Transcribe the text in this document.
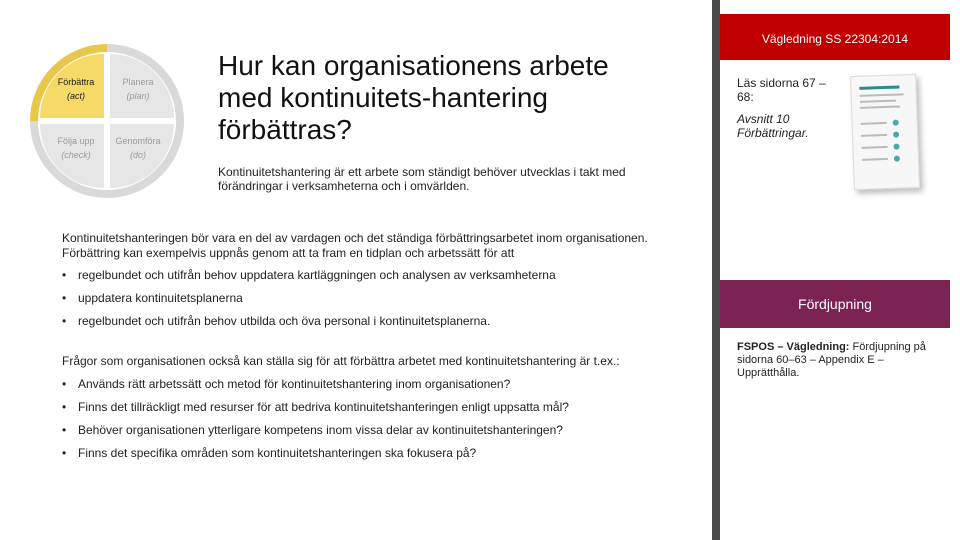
Förbättra
(act)
Planera
(plan)
Följa upp
(check)
Genomföra
(do)
Hur kan organisationens arbete med kontinuitets-hantering förbättras?

Kontinuitetshantering är ett arbete som ständigt behöver utvecklas i takt med förändringar i verksamheterna och i omvärlden.

Kontinuitetshanteringen bör vara en del av vardagen och det ständiga förbättringsarbetet inom organisationen. Förbättring kan exempelvis uppnås genom att ta fram en tidplan och arbetssätt för att

• regelbundet och utifrån behov uppdatera kartläggningen och analysen av verksamheterna
• uppdatera kontinuitetsplanerna
• regelbundet och utifrån behov utbilda och öva personal i kontinuitetsplanerna.

Frågor som organisationen också kan ställa sig för att förbättra arbetet med kontinuitetshantering är t.ex.:

• Används rätt arbetssätt och metod för kontinuitetshantering inom organisationen?
• Finns det tillräckligt med resurser för att bedriva kontinuitetshanteringen enligt uppsatta mål?
• Behöver organisationen ytterligare kompetens inom vissa delar av kontinuitetshanteringen?
• Finns det specifika områden som kontinuitetshanteringen ska fokusera på?
Vägledning SS 22304:2014

Läs sidorna 67 –68:

Avsnitt 10 Förbättringar.

Fördjupning

FSPOS – Vägledning: Fördjupning på sidorna 60–63 – Appendix E – Upprätthålla.
